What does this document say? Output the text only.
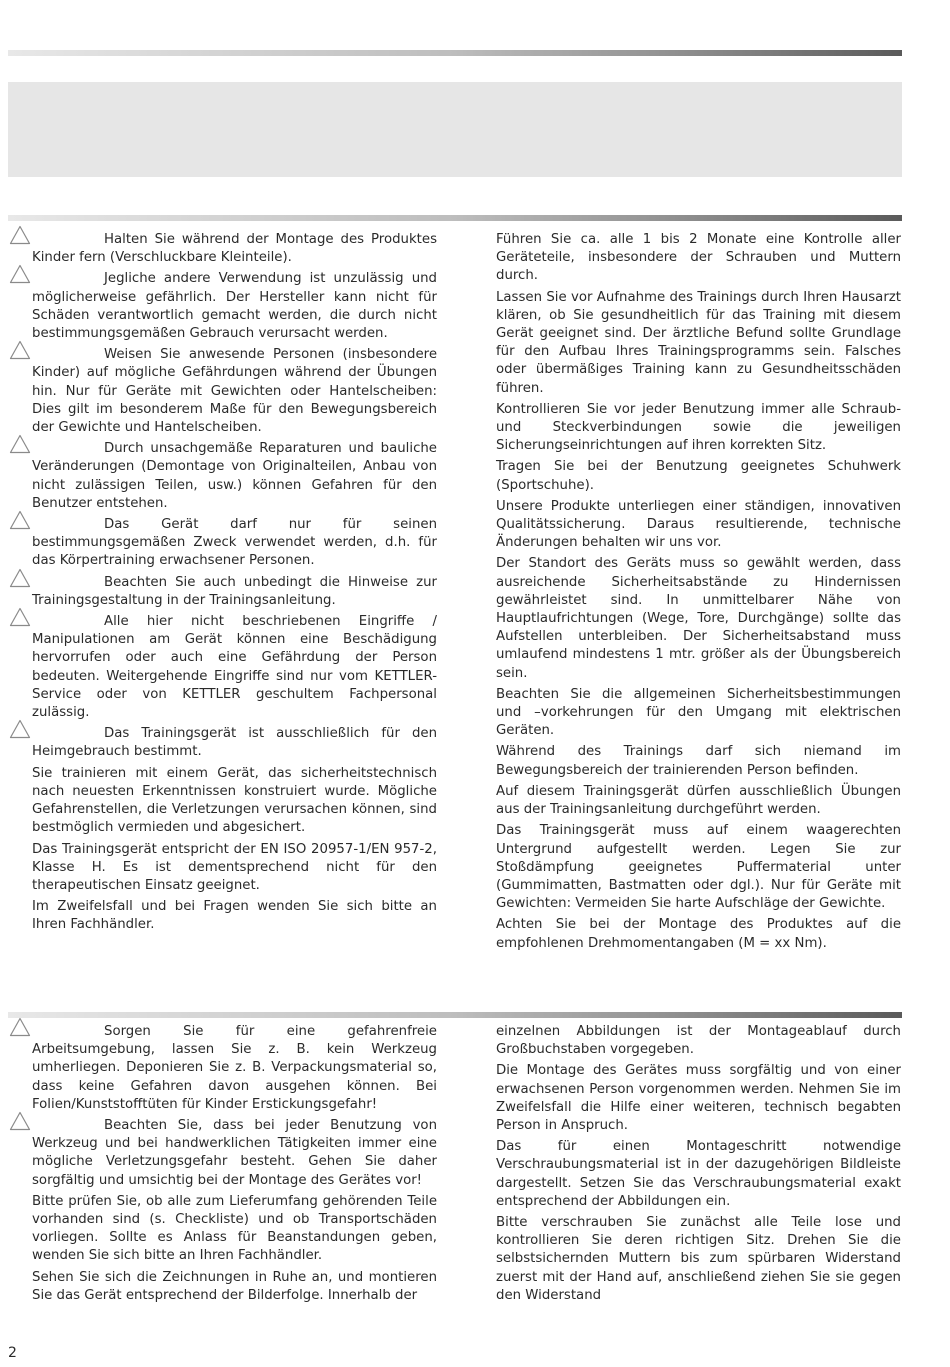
Halten Sie während der Montage des Produktes Kinder fern (Verschluckbare Kleinteile).

Jegliche andere Verwendung ist unzulässig und möglicherweise gefährlich. Der Hersteller kann nicht für Schäden verantwortlich gemacht werden, die durch nicht bestimmungsgemäßen Gebrauch verursacht werden.

Weisen Sie anwesende Personen (insbesondere Kinder) auf mögliche Gefährdungen während der Übungen hin. Nur für Geräte mit Gewichten oder Hantelscheiben: Dies gilt im besonderem Maße für den Bewegungsbereich der Gewichte und Hantelscheiben.

Durch unsachgemäße Reparaturen und bauliche Veränderungen (Demontage von Originalteilen, Anbau von nicht zulässigen Teilen, usw.) können Gefahren für den Benutzer entstehen.

Das Gerät darf nur für seinen bestimmungsgemäßen Zweck verwendet werden, d.h. für das Körpertraining erwachsener Personen.

Beachten Sie auch unbedingt die Hinweise zur Trainingsgestaltung in der Trainingsanleitung.

Alle hier nicht beschriebenen Eingriffe / Manipulationen am Gerät können eine Beschädigung hervorrufen oder auch eine Gefährdung der Person bedeuten. Weitergehende Eingriffe sind nur vom KETTLER-Service oder von KETTLER geschultem Fachpersonal zulässig.

Das Trainingsgerät ist ausschließlich für den Heimgebrauch bestimmt.

Sie trainieren mit einem Gerät, das sicherheitstechnisch nach neuesten Erkenntnissen konstruiert wurde. Mögliche Gefahrenstellen, die Verletzungen verursachen können, sind bestmöglich vermieden und abgesichert.

Das Trainingsgerät entspricht der EN ISO 20957-1/EN 957-2, Klasse H. Es ist dementsprechend nicht für den therapeutischen Einsatz geeignet.

Im Zweifelsfall und bei Fragen wenden Sie sich bitte an Ihren Fachhändler.

Führen Sie ca. alle 1 bis 2 Monate eine Kontrolle aller Geräteteile, insbesondere der Schrauben und Muttern durch.

Lassen Sie vor Aufnahme des Trainings durch Ihren Hausarzt klären, ob Sie gesundheitlich für das Training mit diesem Gerät geeignet sind. Der ärztliche Befund sollte Grundlage für den Aufbau Ihres Trainingsprogramms sein. Falsches oder übermäßiges Training kann zu Gesundheitsschäden führen.

Kontrollieren Sie vor jeder Benutzung immer alle Schraub- und Steckverbindungen sowie die jeweiligen Sicherungseinrichtungen auf ihren korrekten Sitz.

Tragen Sie bei der Benutzung geeignetes Schuhwerk (Sportschuhe).

Unsere Produkte unterliegen einer ständigen, innovativen Qualitätssicherung. Daraus resultierende, technische Änderungen behalten wir uns vor.

Der Standort des Geräts muss so gewählt werden, dass ausreichende Sicherheitsabstände zu Hindernissen gewährleistet sind. In unmittelbarer Nähe von Hauptlaufrichtungen (Wege, Tore, Durchgänge) sollte das Aufstellen unterbleiben. Der Sicherheitsabstand muss umlaufend mindestens 1 mtr. größer als der Übungsbereich sein.

Beachten Sie die allgemeinen Sicherheitsbestimmungen und –vorkehrungen für den Umgang mit elektrischen Geräten.

Während des Trainings darf sich niemand im Bewegungsbereich der trainierenden Person befinden.

Auf diesem Trainingsgerät dürfen ausschließlich Übungen aus der Trainingsanleitung durchgeführt werden.

Das Trainingsgerät muss auf einem waagerechten Untergrund aufgestellt werden. Legen Sie zur Stoßdämpfung geeignetes Puffermaterial unter (Gummimatten, Bastmatten oder dgl.). Nur für Geräte mit Gewichten: Vermeiden Sie harte Aufschläge der Gewichte.

Achten Sie bei der Montage des Produktes auf die empfohlenen Drehmomentangaben (M = xx Nm).

Sorgen Sie für eine gefahrenfreie Arbeitsumgebung, lassen Sie z. B. kein Werkzeug umherliegen. Deponieren Sie z. B. Verpackungsmaterial so, dass keine Gefahren davon ausgehen können. Bei Folien/Kunststofftüten für Kinder Erstickungsgefahr!

Beachten Sie, dass bei jeder Benutzung von Werkzeug und bei handwerklichen Tätigkeiten immer eine mögliche Verletzungsgefahr besteht. Gehen Sie daher sorgfältig und umsichtig bei der Montage des Gerätes vor!

Bitte prüfen Sie, ob alle zum Lieferumfang gehörenden Teile vorhanden sind (s. Checkliste) und ob Transportschäden vorliegen. Sollte es Anlass für Beanstandungen geben, wenden Sie sich bitte an Ihren Fachhändler.

Sehen Sie sich die Zeichnungen in Ruhe an, und montieren Sie das Gerät entsprechend der Bilderfolge. Innerhalb der

einzelnen Abbildungen ist der Montageablauf durch Großbuchstaben vorgegeben.

Die Montage des Gerätes muss sorgfältig und von einer erwachsenen Person vorgenommen werden. Nehmen Sie im Zweifelsfall die Hilfe einer weiteren, technisch begabten Person in Anspruch.

Das für einen Montageschritt notwendige Verschraubungsmaterial ist in der dazugehörigen Bildleiste dargestellt. Setzen Sie das Verschraubungsmaterial exakt entsprechend der Abbildungen ein.

Bitte verschrauben Sie zunächst alle Teile lose und kontrollieren Sie deren richtigen Sitz. Drehen Sie die selbstsichernden Muttern bis zum spürbaren Widerstand zuerst mit der Hand auf, anschließend ziehen Sie sie gegen den Widerstand

2
